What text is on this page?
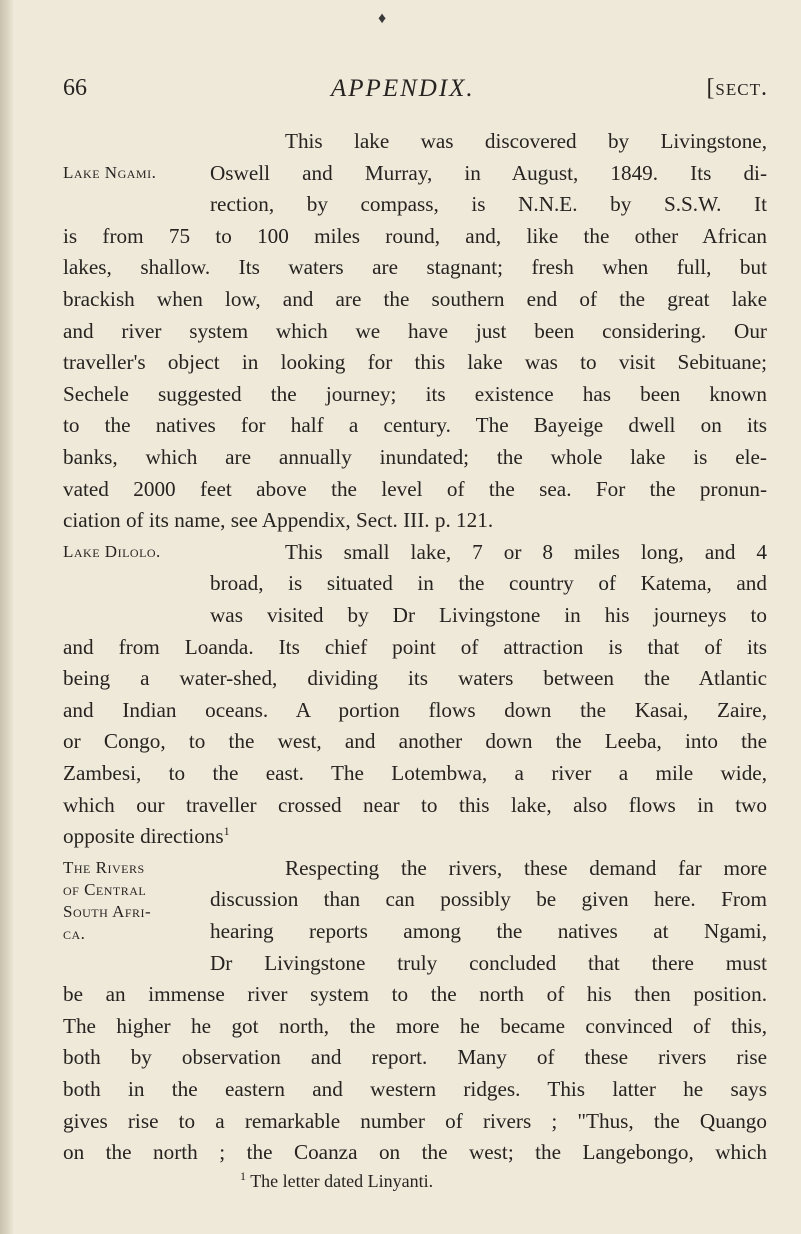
♦
66	APPENDIX.	[sect.
Lake Ngami.
Lake Dilolo.
The Rivers
of Central
South Afri-
ca.
This lake was discovered by Livingstone,
Oswell and Murray, in August, 1849. Its di-
rection, by compass, is N.N.E. by S.S.W. It
is from 75 to 100 miles round, and, like the other African
lakes, shallow. Its waters are stagnant; fresh when full, but
brackish when low, and are the southern end of the great lake
and river system which we have just been considering. Our
traveller's object in looking for this lake was to visit Sebituane;
Sechele suggested the journey; its existence has been known
to the natives for half a century. The Bayeige dwell on its
banks, which are annually inundated; the whole lake is ele-
vated 2000 feet above the level of the sea. For the pronun-
ciation of its name, see Appendix, Sect. III. p. 121.
This small lake, 7 or 8 miles long, and 4
broad, is situated in the country of Katema, and
was visited by Dr Livingstone in his journeys to
and from Loanda. Its chief point of attraction is that of its
being a water-shed, dividing its waters between the Atlantic
and Indian oceans. A portion flows down the Kasai, Zaire,
or Congo, to the west, and another down the Leeba, into the
Zambesi, to the east. The Lotembwa, a river a mile wide,
which our traveller crossed near to this lake, also flows in two
opposite directions$^1$
Respecting the rivers, these demand far more
discussion than can possibly be given here. From
hearing reports among the natives at Ngami,
Dr Livingstone truly concluded that there must
be an immense river system to the north of his then position.
The higher he got north, the more he became convinced of this,
both by observation and report. Many of these rivers rise
both in the eastern and western ridges. This latter he says
gives rise to a remarkable number of rivers ; "Thus, the Quango
on the north ; the Coanza on the west; the Langebongo, which
$^1$ The letter dated Linyanti.
